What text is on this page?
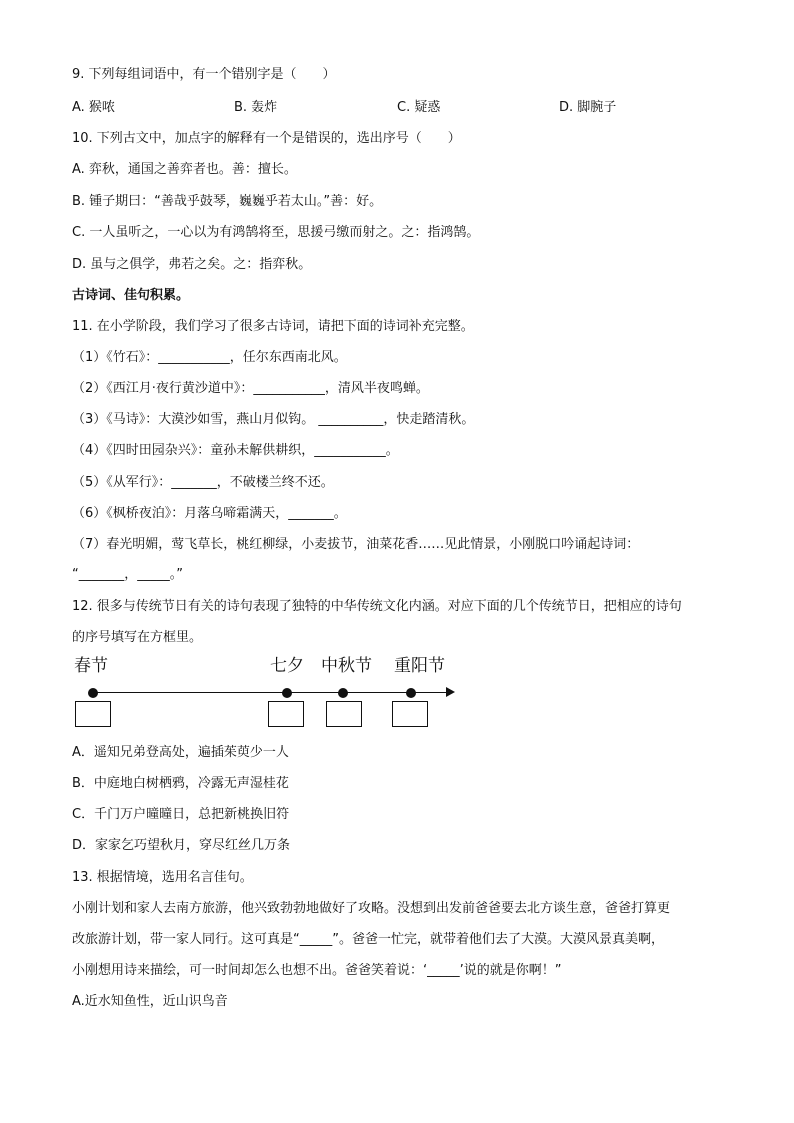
9. 下列每组词语中，有一个错别字是（　　）
A. 猴哝	B. 轰炸	C. 疑惑	D. 脚腕子
10. 下列古文中，加点字的解释有一个是错误的，选出序号（　　）
A. 弈秋，通国之善弈者也。善：擅长。
B. 锺子期曰：“善哉乎鼓琴，巍巍乎若太山。”善：好。
C. 一人虽听之，一心以为有鸿鹄将至，思援弓缴而射之。之：指鸿鹄。
D. 虽与之俱学，弗若之矣。之：指弈秋。
古诗词、佳句积累。
11. 在小学阶段，我们学习了很多古诗词，请把下面的诗词补充完整。
（1）《竹石》：___________，任尔东西南北风。
（2）《西江月·夜行黄沙道中》：___________，清风半夜鸣蝉。
（3）《马诗》：大漠沙如雪，燕山月似钩。 __________，快走踏清秋。
（4）《四时田园杂兴》：童孙未解供耕织，___________。
（5）《从军行》：_______，不破楼兰终不还。
（6）《枫桥夜泊》：月落乌啼霜满天，_______。
（7）春光明媚，莺飞草长，桃红柳绿，小麦拔节，油菜花香……见此情景，小刚脱口吟诵起诗词：
“_______，_____。”
12. 很多与传统节日有关的诗句表现了独特的中华传统文化内涵。对应下面的几个传统节日，把相应的诗句
的序号填写在方框里。
春节	七夕 中秋节 重阳节
A．遥知兄弟登高处，遍插茱萸少一人
B．中庭地白树栖鸦，冷露无声湿桂花
C．千门万户曈曈日，总把新桃换旧符
D．家家乞巧望秋月，穿尽红丝几万条
13. 根据情境，选用名言佳句。
小刚计划和家人去南方旅游，他兴致勃勃地做好了攻略。没想到出发前爸爸要去北方谈生意，爸爸打算更
改旅游计划，带一家人同行。这可真是“_____”。爸爸一忙完，就带着他们去了大漠。大漠风景真美啊，
小刚想用诗来描绘，可一时间却怎么也想不出。爸爸笑着说：‘_____’说的就是你啊！”
A.近水知鱼性，近山识鸟音
